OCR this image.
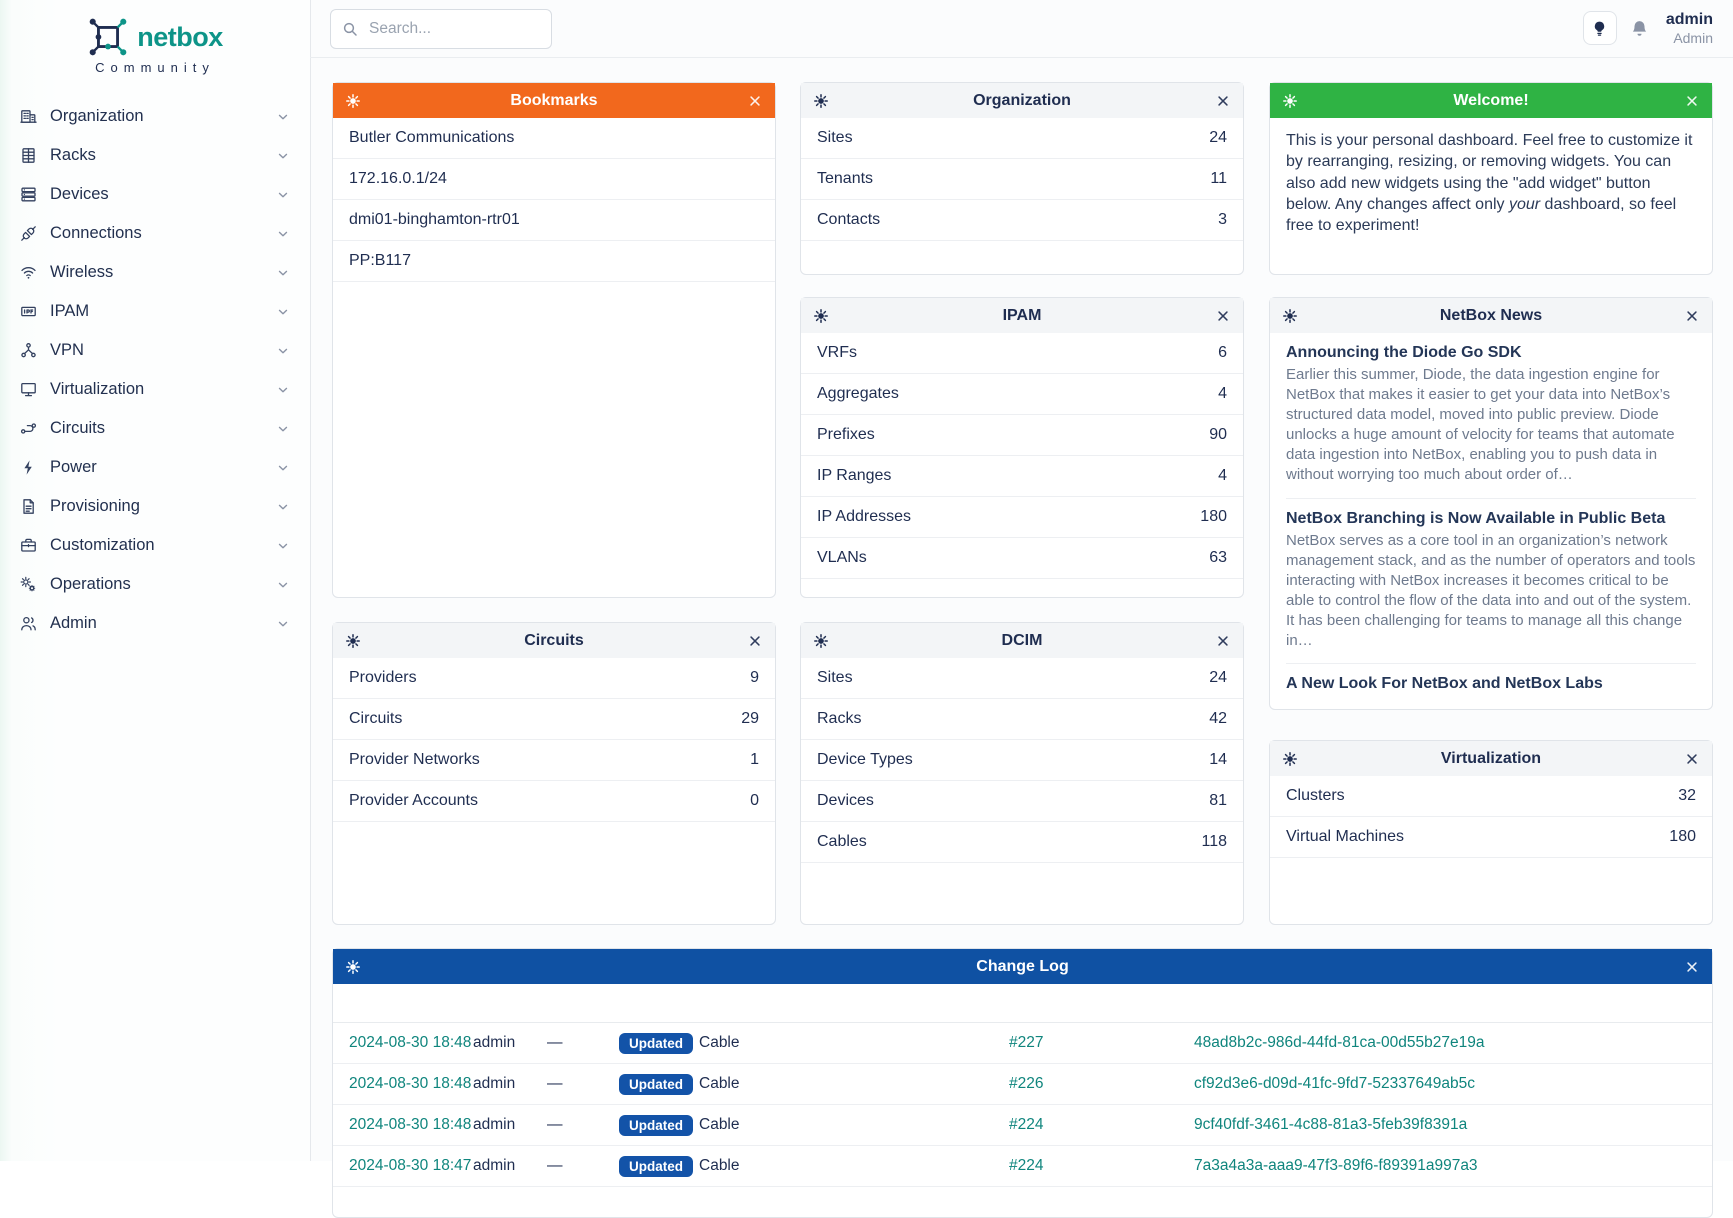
netbox
Community
Organization
Racks
Devices
Connections
Wireless
IPAM
VPN
Virtualization
Circuits
Power
Provisioning
Customization
Operations
Admin
Search...
admin
Admin
Bookmarks
Butler Communications
172.16.0.1/24
dmi01-binghamton-rtr01
PP:B117
Organization
Sites	24
Tenants	11
Contacts	3
Welcome!
This is your personal dashboard. Feel free to customize it by rearranging, resizing, or removing widgets. You can also add new widgets using the "add widget" button below. Any changes affect only your dashboard, so feel free to experiment!
IPAM
VRFs	6
Aggregates	4
Prefixes	90
IP Ranges	4
IP Addresses	180
VLANs	63
NetBox News
Announcing the Diode Go SDK
Earlier this summer, Diode, the data ingestion engine for NetBox that makes it easier to get your data into NetBox’s structured data model, moved into public preview. Diode unlocks a huge amount of velocity for teams that automate data ingestion into NetBox, enabling you to push data in without worrying too much about order of…
NetBox Branching is Now Available in Public Beta
NetBox serves as a core tool in an organization’s network management stack, and as the number of operators and tools interacting with NetBox increases it becomes critical to be able to control the flow of the data into and out of the system. It has been challenging for teams to manage all this change in…
A New Look For NetBox and NetBox Labs
Circuits
Providers	9
Circuits	29
Provider Networks	1
Provider Accounts	0
DCIM
Sites	24
Racks	42
Device Types	14
Devices	81
Cables	118
Virtualization
Clusters	32
Virtual Machines	180
Change Log
2024-08-30 18:48 admin	—	Updated	Cable	#227	48ad8b2c-986d-44fd-81ca-00d55b27e19a
2024-08-30 18:48 admin	—	Updated	Cable	#226	cf92d3e6-d09d-41fc-9fd7-52337649ab5c
2024-08-30 18:48 admin	—	Updated	Cable	#224	9cf40fdf-3461-4c88-81a3-5feb39f8391a
2024-08-30 18:47 admin	—	Updated	Cable	#224	7a3a4a3a-aaa9-47f3-89f6-f89391a997a3
